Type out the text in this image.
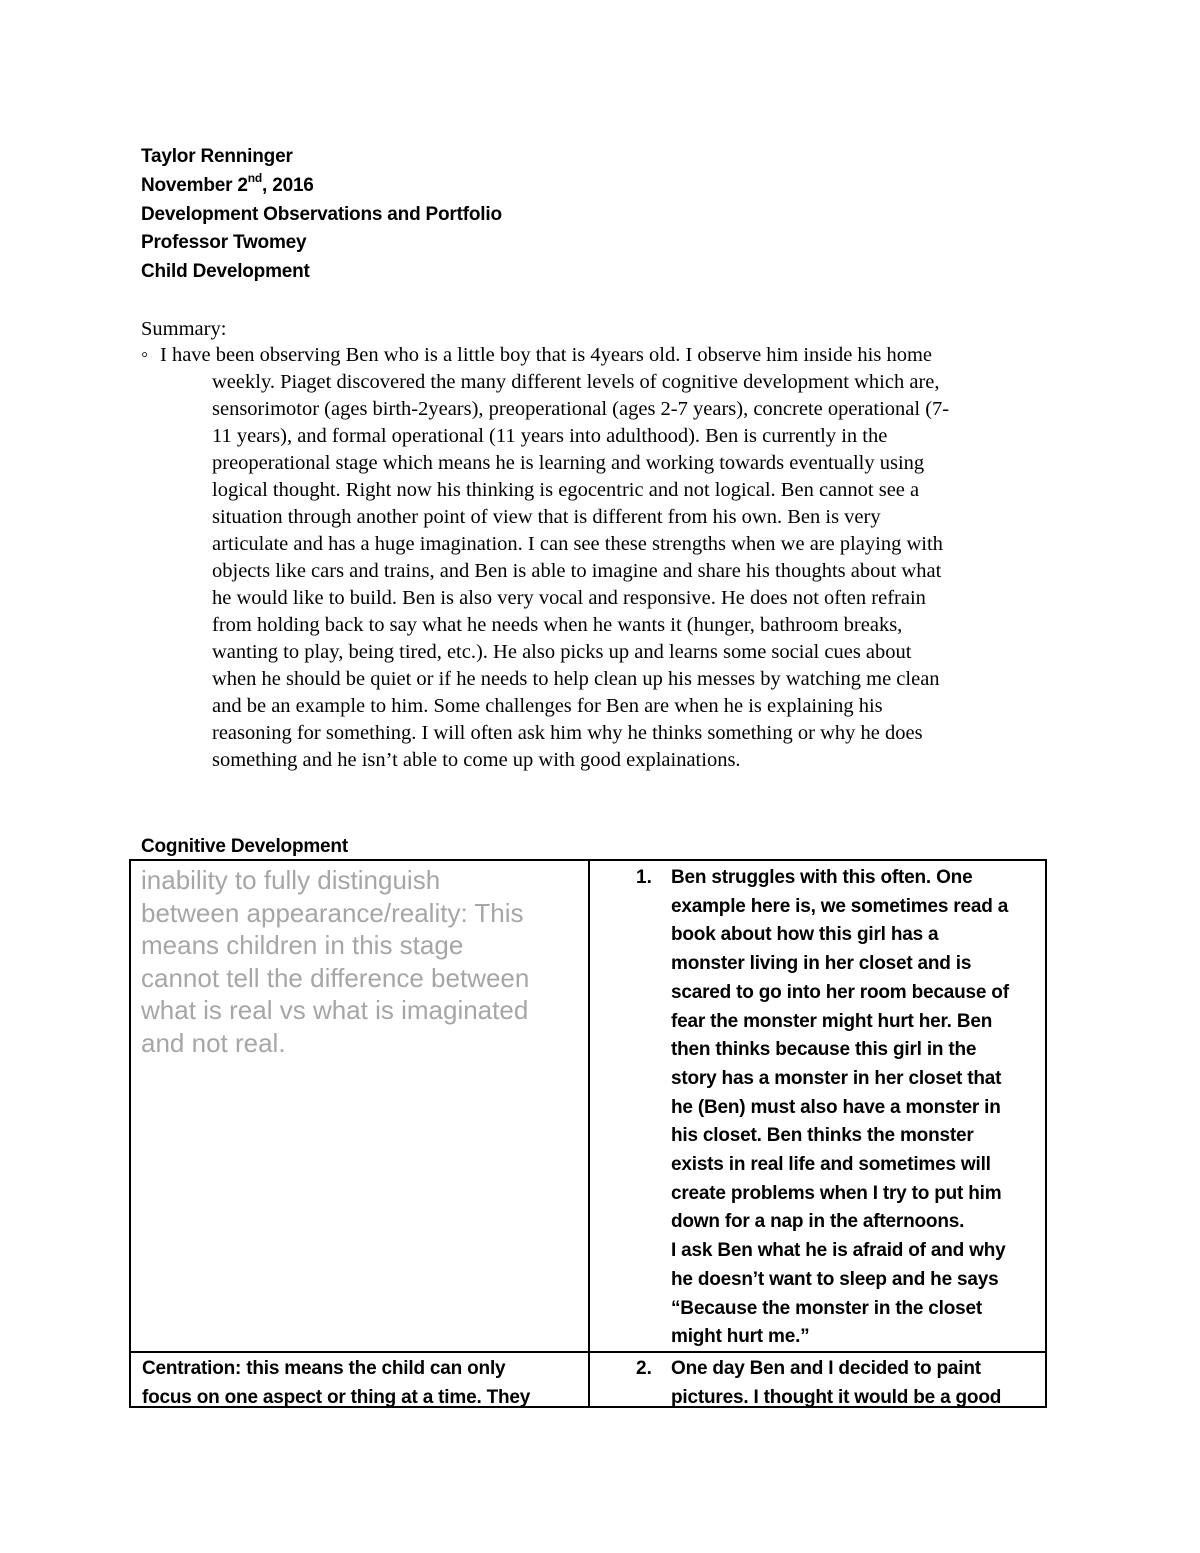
Taylor Renninger
November 2nd, 2016
Development Observations and Portfolio
Professor Twomey
Child Development
Summary:
◦ I have been observing Ben who is a little boy that is 4years old. I observe him inside his home
weekly. Piaget discovered the many different levels of cognitive development which are,
sensorimotor (ages birth-2years), preoperational (ages 2-7 years), concrete operational (7-
11 years), and formal operational (11 years into adulthood). Ben is currently in the
preoperational stage which means he is learning and working towards eventually using
logical thought. Right now his thinking is egocentric and not logical. Ben cannot see a
situation through another point of view that is different from his own. Ben is very
articulate and has a huge imagination. I can see these strengths when we are playing with
objects like cars and trains, and Ben is able to imagine and share his thoughts about what
he would like to build. Ben is also very vocal and responsive. He does not often refrain
from holding back to say what he needs when he wants it (hunger, bathroom breaks,
wanting to play, being tired, etc.). He also picks up and learns some social cues about
when he should be quiet or if he needs to help clean up his messes by watching me clean
and be an example to him. Some challenges for Ben are when he is explaining his
reasoning for something. I will often ask him why he thinks something or why he does
something and he isn’t able to come up with good explainations.
Cognitive Development
inability to fully distinguish
between appearance/reality: This
means children in this stage
cannot tell the difference between
what is real vs what is imaginated
and not real.
1. Ben struggles with this often. One
example here is, we sometimes read a
book about how this girl has a
monster living in her closet and is
scared to go into her room because of
fear the monster might hurt her. Ben
then thinks because this girl in the
story has a monster in her closet that
he (Ben) must also have a monster in
his closet. Ben thinks the monster
exists in real life and sometimes will
create problems when I try to put him
down for a nap in the afternoons.
I ask Ben what he is afraid of and why
he doesn’t want to sleep and he says
“Because the monster in the closet
might hurt me.”
Centration: this means the child can only
focus on one aspect or thing at a time. They
2. One day Ben and I decided to paint
pictures. I thought it would be a good
